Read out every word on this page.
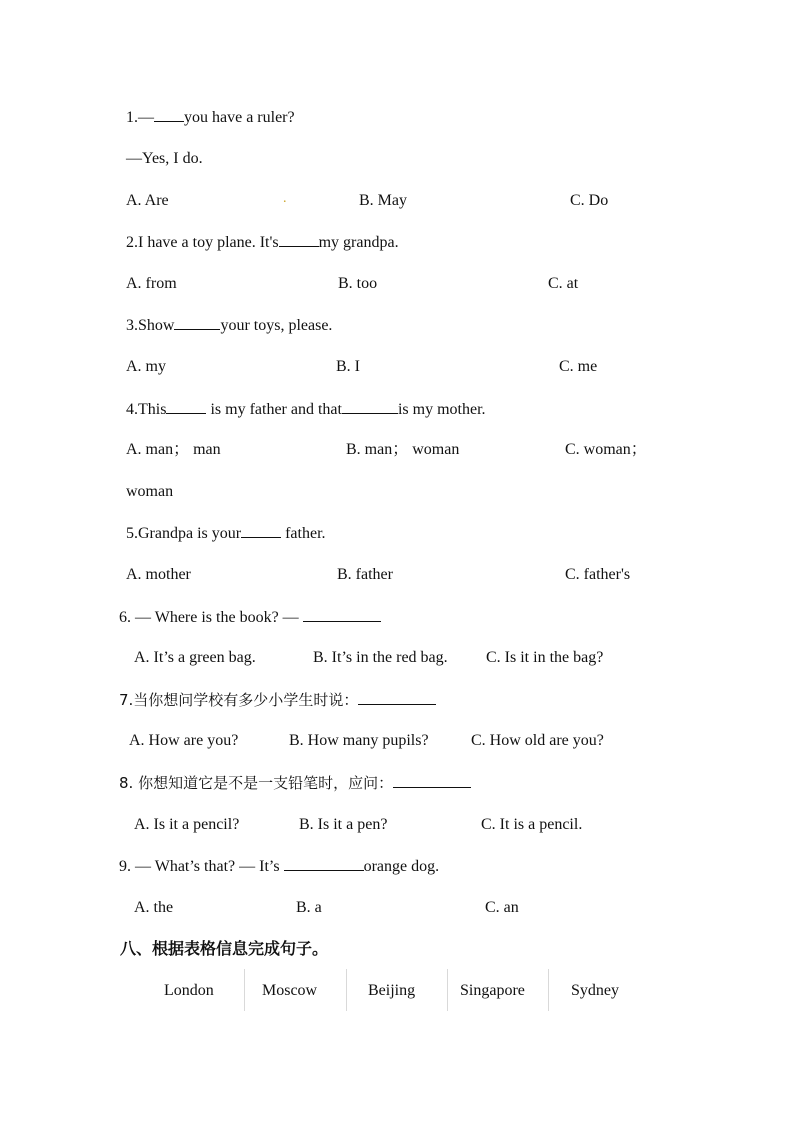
1.— you have a ruler?
—Yes, I do.
A. Are	.	B. May	C. Do
2.I have a toy plane. It's	my grandpa.
A. from	B. too	C. at
3.Show	your toys, please.
A. my	B. I	C. me
4.This	is my father and that	is my mother.
A. man； man	B. man； woman	C. woman；
woman
5.Grandpa is your	father.
A. mother	B. father	C. father's
6. — Where is the book? —
A. It’s a green bag.	B. It’s in the red bag. C. Is it in the bag?
7.当你想问学校有多少小学生时说：
A. How are you?	B. How many pupils?	C. How old are you?
8. 你想知道它是不是一支铅笔时，应问：
A. Is it a pencil?	B. Is it a pen?	C. It is a pencil.
9. — What’s that? — It’s	orange dog.
A. the	B. a	C. an
八、根据表格信息完成句子。
London	Moscow	Beijing	Singapore	Sydney
